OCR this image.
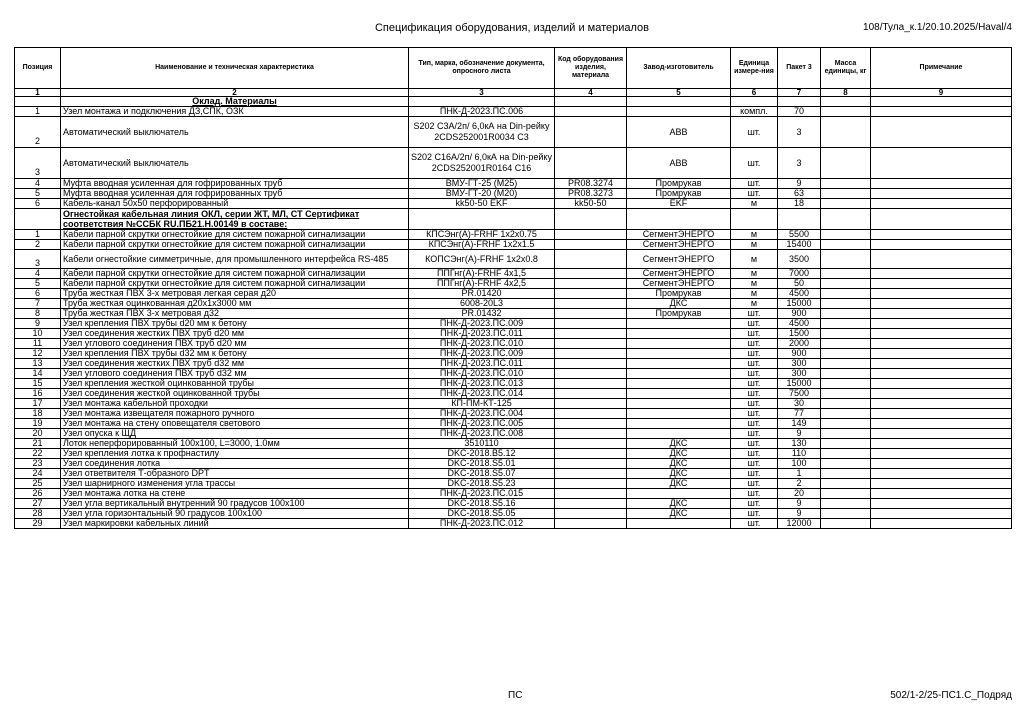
Спецификация оборудования, изделий и материалов	108/Тула_к.1/20.10.2025/Haval/4
Позиция	Наименование и техническая характеристика	Тип, марка, обозначение документа, опросного листа	Код оборудования изделия, материала	Завод-изготовитель	Единица измере-ния	Пакет 3	Масса единицы, кг	Примечание
1	2	3	4	5	6	7	8	9
	Оклад. Материалы							
1	Узел монтажа и подключения ДЗ,СПК, ОЗК	ПНК-Д-2023.ПС.006			компл.	70		
2	Автоматический выключатель	S202 C3A/2п/ 6,0кА на Din-рейку 2CDS252001R0034 C3		ABB	шт.	3		
3	Автоматический выключатель	S202 C16A/2п/ 6,0кА на Din-рейку 2CDS252001R0164 C16		ABB	шт.	3		
4	Муфта вводная усиленная для гофрированных труб	ВМУ-ГТ-25 (М25)	PR08.3274	Промрукав	шт.	9		
5	Муфта вводная усиленная для гофрированных труб	ВМУ-ГТ-20 (М20)	PR08.3273	Промрукав	шт.	63		
6	Кабель-канал 50х50 перфорированный	kk50-50 EKF	kk50-50	EKF	м	18		
	Огнестойкая кабельная линия ОКЛ, серии ЖТ, МЛ, СТ Сертификат соответствия №ССБК RU.ПБ21.Н.00149 в составе:							
1	Кабели парной скрутки огнестойкие для систем пожарной сигнализации	КПСЭнг(А)-FRHF 1х2х0.75		СегментЭНЕРГО	м	5500		
2	Кабели парной скрутки огнестойкие для систем пожарной сигнализации	КПСЭнг(А)-FRHF 1х2х1.5		СегментЭНЕРГО	м	15400		
3	Кабели огнестойкие симметричные, для промышленного интерфейса RS-485	КОПСЭнг(А)-FRHF 1х2х0.8		СегментЭНЕРГО	м	3500		
4	Кабели парной скрутки огнестойкие для систем пожарной сигнализации	ППГнг(А)-FRHF 4х1,5		СегментЭНЕРГО	м	7000		
5	Кабели парной скрутки огнестойкие для систем пожарной сигнализации	ППГнг(А)-FRHF 4х2,5		СегментЭНЕРГО	м	50		
6	Труба жесткая ПВХ 3-х метровая легкая серая д20	PR.01420		Промрукав	м	4500		
7	Труба жесткая оцинкованная д20х1х3000 мм	6008-20L3		ДКС	м	15000		
8	Труба жесткая ПВХ 3-х метровая д32	PR.01432		Промрукав	шт.	900		
9	Узел крепления ПВХ трубы d20 мм к бетону	ПНК-Д-2023.ПС.009			шт.	4500		
10	Узел соединения жестких ПВХ труб d20 мм	ПНК-Д-2023.ПС.011			шт.	1500		
11	Узел углового соединения ПВХ труб d20 мм	ПНК-Д-2023.ПС.010			шт.	2000		
12	Узел крепления ПВХ трубы d32 мм к бетону	ПНК-Д-2023.ПС.009			шт.	900		
13	Узел соединения жестких ПВХ труб d32 мм	ПНК-Д-2023.ПС.011			шт.	300		
14	Узел углового соединения ПВХ труб d32 мм	ПНК-Д-2023.ПС.010			шт.	300		
15	Узел крепления жесткой оцинкованной трубы	ПНК-Д-2023.ПС.013			шт.	15000		
16	Узел соединения жесткой оцинкованной трубы	ПНК-Д-2023.ПС.014			шт.	7500		
17	Узел монтажа кабельной проходки	КП-ПМ-КТ-125			шт.	30		
18	Узел монтажа извещателя пожарного ручного	ПНК-Д-2023.ПС.004			шт.	77		
19	Узел монтажа на стену оповещателя светового	ПНК-Д-2023.ПС.005			шт.	149		
20	Узел опуска к ЩД	ПНК-Д-2023.ПС.008			шт.	9		
21	Лоток неперфорированный 100х100, L=3000, 1.0мм	3510110		ДКС	шт.	130		
22	Узел крепления лотка к профнастилу	DKC-2018.B5.12		ДКС	шт.	110		
23	Узел соединения лотка	DKC-2018.S5.01		ДКС	шт.	100		
24	Узел ответвителя Т-образного DPT	DKC-2018.S5.07		ДКС	шт.	1		
25	Узел шарнирного изменения угла трассы	DKC-2018.S5.23		ДКС	шт.	2		
26	Узел монтажа лотка на стене	ПНК-Д-2023.ПС.015			шт.	20		
27	Узел угла вертикальный внутренний 90 градусов 100х100	DKC-2018.S5.16		ДКС	шт.	9		
28	Узел угла горизонтальный 90 градусов 100х100	DKC-2018.S5.05		ДКС	шт.	9		
29	Узел маркировки кабельных линий	ПНК-Д-2023.ПС.012			шт.	12000		
ПС	502/1-2/25-ПС1.С_Подряд
